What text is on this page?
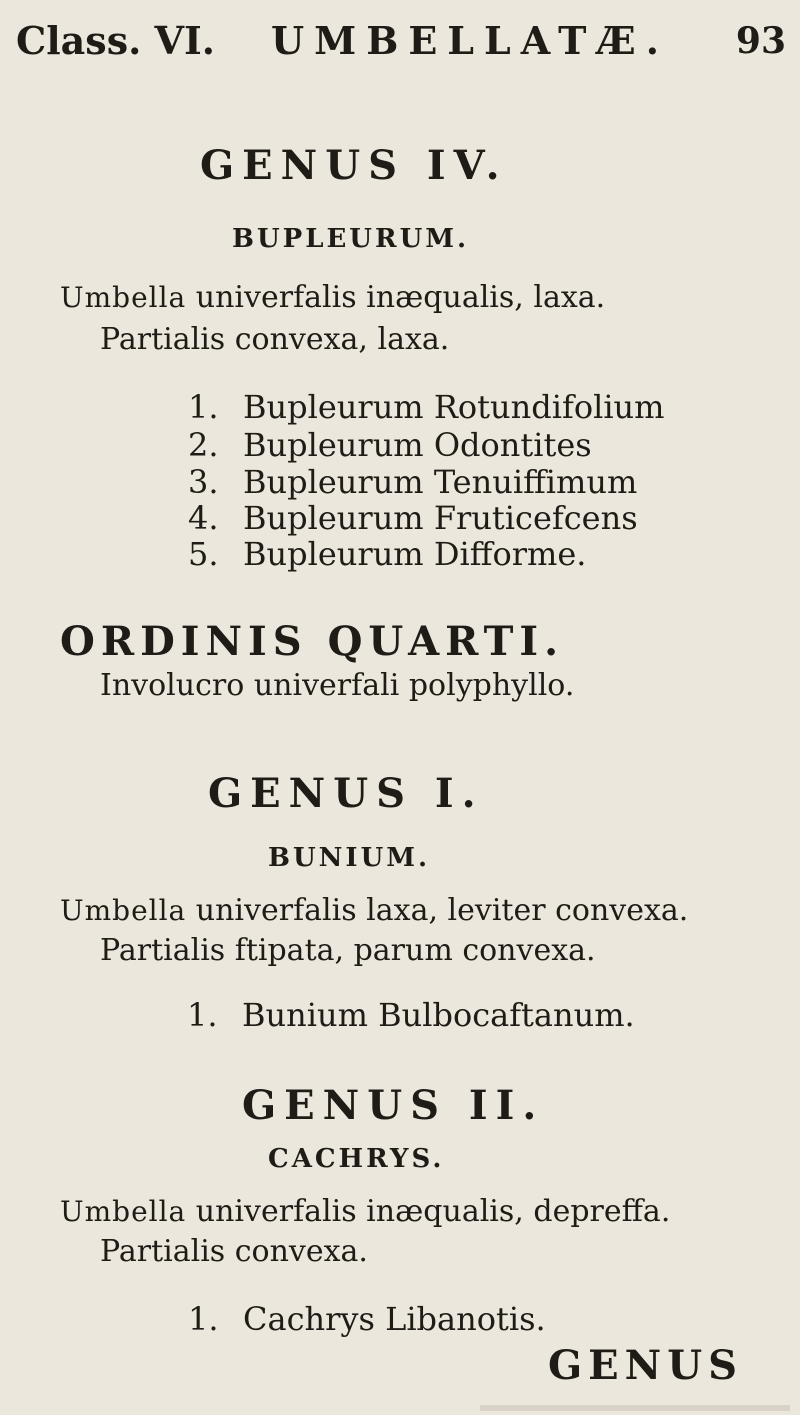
Class. VI. UMBELLATÆ. 93
GENUS IV.
BUPLEURUM.
Umbella univerfalis inæqualis, laxa.
Partialis convexa, laxa.
1. Bupleurum Rotundifolium
2. Bupleurum Odontites
3. Bupleurum Tenuiffimum
4. Bupleurum Fruticefcens
5. Bupleurum Difforme.
ORDINIS QUARTI.
Involucro univerfali polyphyllo.
GENUS I.
BUNIUM.
Umbella univerfalis laxa, leviter convexa.
Partialis ftipata, parum convexa.
1. Bunium Bulbocaftanum.
GENUS II.
CACHRYS.
Umbella univerfalis inæqualis, depreffa.
Partialis convexa.
1. Cachrys Libanotis.
GENUS
